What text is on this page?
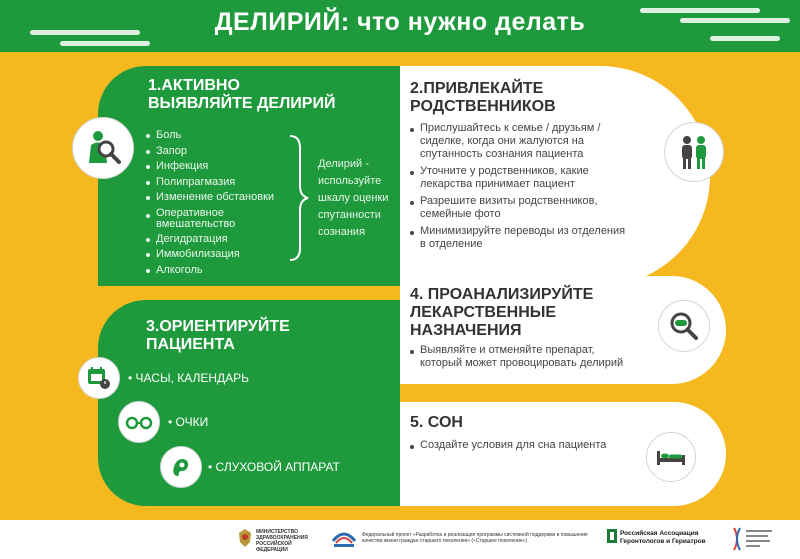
ДЕЛИРИЙ: что нужно делать
1.АКТИВНО
ВЫЯВЛЯЙТЕ ДЕЛИРИЙ
Боль
Запор
Инфекция
Полипрагмазия
Изменение обстановки
Оперативное вмешательство
Дегидратация
Иммобилизация
Алкоголь
Делирий - используйте шкалу оценки спутанности сознания
2.ПРИВЛЕКАЙТЕ
РОДСТВЕННИКОВ
Прислушайтесь к семье / друзьям / сиделке, когда они жалуются на спутанность сознания пациента
Уточните у родственников, какие лекарства принимает пациент
Разрешите визиты родственников, семейные фото
Минимизируйте переводы из отделения в отделение
3.ОРИЕНТИРУЙТЕ
ПАЦИЕНТА
• ЧАСЫ, КАЛЕНДАРЬ
• ОЧКИ
• СЛУХОВОЙ АППАРАТ
4. ПРОАНАЛИЗИРУЙТЕ
ЛЕКАРСТВЕННЫЕ
НАЗНАЧЕНИЯ
Выявляйте и отменяйте препарат, который может провоцировать делирий
5. СОН
Создайте условия для сна пациента
МИНИСТЕРСТВО ЗДРАВООХРАНЕНИЯ РОССИЙСКОЙ ФЕДЕРАЦИИ
Федеральный проект «Разработка и реализация программы системной поддержки и повышения качества жизни граждан старшего поколения» («Старшее поколение»)
Российская Ассоциация Геронтологов и Гериатров
